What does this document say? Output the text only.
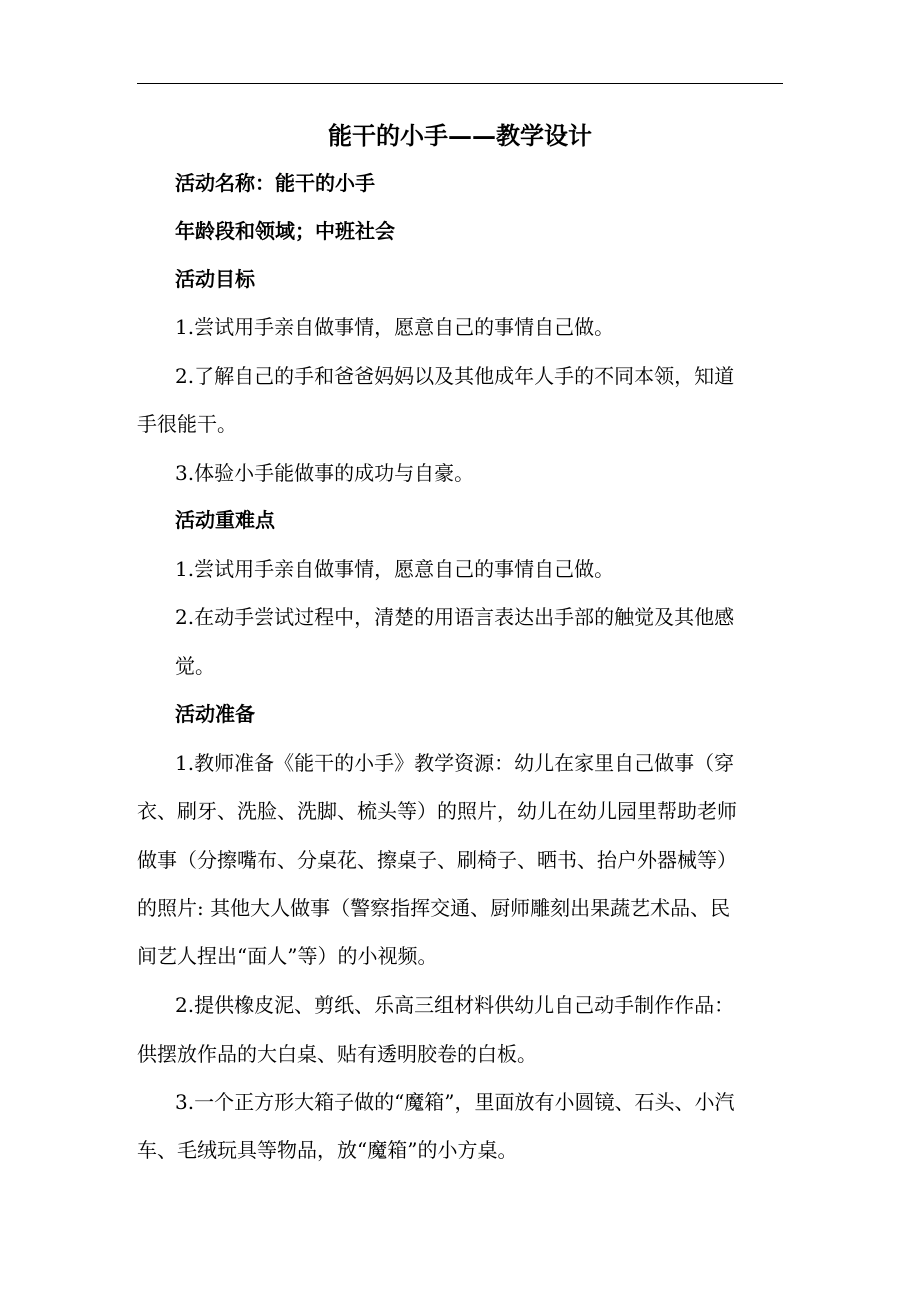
能干的小手——教学设计
活动名称：能干的小手
年龄段和领域；中班社会
活动目标
1.尝试用手亲自做事情，愿意自己的事情自己做。
2.了解自己的手和爸爸妈妈以及其他成年人手的不同本领，知道
手很能干。
3.体验小手能做事的成功与自豪。
活动重难点
1.尝试用手亲自做事情，愿意自己的事情自己做。
2.在动手尝试过程中，清楚的用语言表达出手部的触觉及其他感
觉。
活动准备
1.教师准备《能干的小手》教学资源：幼儿在家里自己做事（穿
衣、刷牙、洗脸、洗脚、梳头等）的照片，幼儿在幼儿园里帮助老师
做事（分擦嘴布、分桌花、擦桌子、刷椅子、晒书、抬户外器械等）
的照片: 其他大人做事（警察指挥交通、厨师雕刻出果蔬艺术品、民
间艺人捏出“面人”等）的小视频。
2.提供橡皮泥、剪纸、乐高三组材料供幼儿自己动手制作作品：
供摆放作品的大白桌、贴有透明胶卷的白板。
3.一个正方形大箱子做的“魔箱”，里面放有小圆镜、石头、小汽
车、毛绒玩具等物品，放“魔箱”的小方桌。
